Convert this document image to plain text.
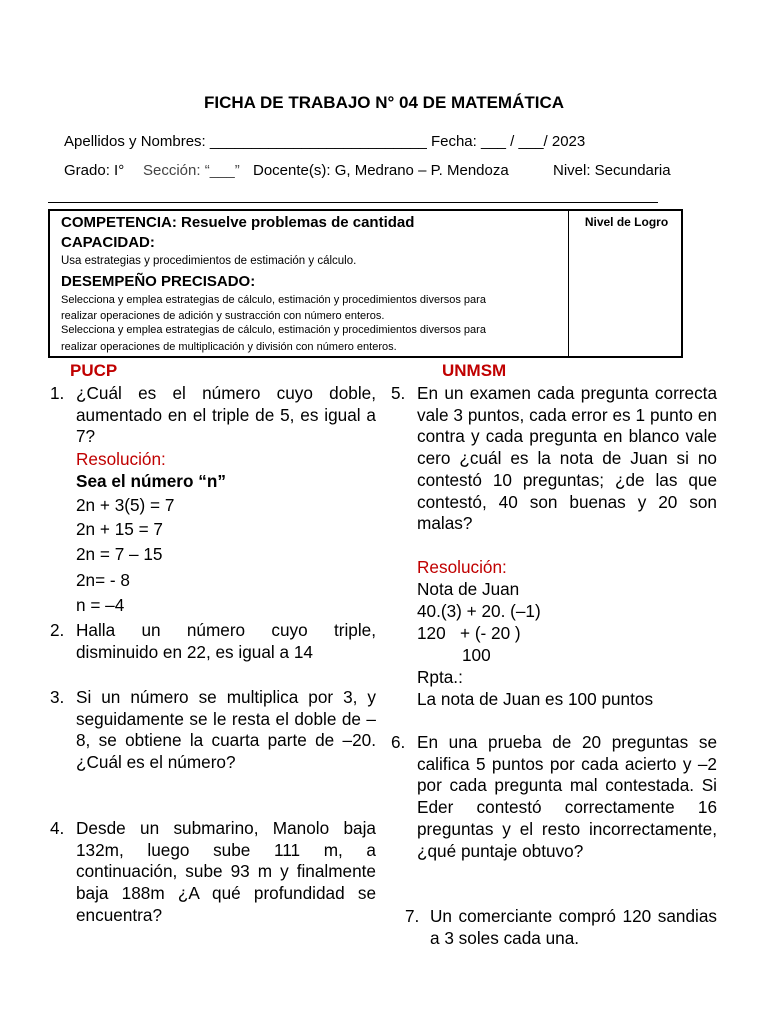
FICHA DE TRABAJO N° 04 DE MATEMÁTICA
Apellidos y Nombres: __________________________ Fecha: ___ / ___/ 2023
Grado: I° Sección: “___” Docente(s): G, Medrano – P. Mendoza	Nivel: Secundaria
Nivel de Logro
COMPETENCIA: Resuelve problemas de cantidad
CAPACIDAD:
Usa estrategias y procedimientos de estimación y cálculo.
DESEMPEÑO PRECISADO:
Selecciona y emplea estrategias de cálculo, estimación y procedimientos diversos para
realizar operaciones de adición y sustracción con número enteros.
Selecciona y emplea estrategias de cálculo, estimación y procedimientos diversos para
realizar operaciones de multiplicación y división con número enteros.
PUCP
1. ¿Cuál es el número cuyo doble, aumentado en el triple de 5, es igual a 7?
Resolución:
Sea el número “n”
2n + 3(5) = 7
2n + 15 = 7
2n = 7 – 15
2n= - 8
n = –4
2. Halla un número cuyo triple, disminuido en 22, es igual a 14
3. Si un número se multiplica por 3, y seguidamente se le resta el doble de –8, se obtiene la cuarta parte de –20. ¿Cuál es el número?
4. Desde un submarino, Manolo baja 132m, luego sube 111 m, a continuación, sube 93 m y finalmente baja 188m ¿A qué profundidad se encuentra?
UNMSM
5. En un examen cada pregunta correcta vale 3 puntos, cada error es 1 punto en contra y cada pregunta en blanco vale cero ¿cuál es la nota de Juan si no contestó 10 preguntas; ¿de las que contestó, 40 son buenas y 20 son malas?
Resolución:
Nota de Juan
40.(3) + 20. (–1)
120   + (- 20 )
100
Rpta.:
La nota de Juan es 100 puntos
6. En una prueba de 20 preguntas se califica 5 puntos por cada acierto y –2 por cada pregunta mal contestada. Si Eder contestó correctamente 16 preguntas y el resto incorrectamente, ¿qué puntaje obtuvo?
7. Un comerciante compró 120 sandias a 3 soles cada una.
